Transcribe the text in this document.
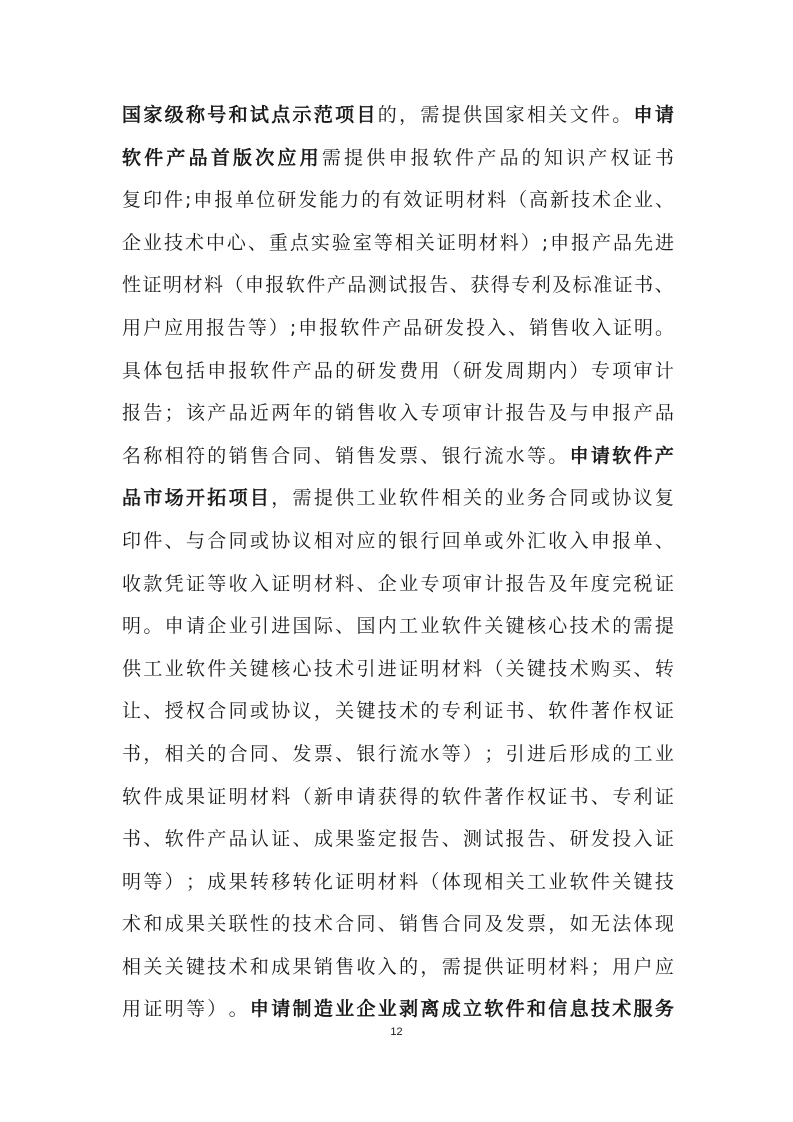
国 家 级 称 号 和 试 点 示 范 项 目 的 ， 需 提 供 国 家 相 关 文 件 。 申 请
软 件 产 品 首 版 次 应 用 需 提 供 申 报 软 件 产 品 的 知 识 产 权 证 书
复 印 件 ; 申 报 单 位 研 发 能 力 的 有 效 证 明 材 料 （ 高 新 技 术 企 业 、
企 业 技 术 中 心 、 重 点 实 验 室 等 相 关 证 明 材 料 ） ; 申 报 产 品 先 进
性 证 明 材 料 （ 申 报 软 件 产 品 测 试 报 告 、 获 得 专 利 及 标 准 证 书 、
用 户 应 用 报 告 等 ） ; 申 报 软 件 产 品 研 发 投 入 、 销 售 收 入 证 明 。
具 体 包 括 申 报 软 件 产 品 的 研 发 费 用 （ 研 发 周 期 内 ） 专 项 审 计
报 告 ； 该 产 品 近 两 年 的 销 售 收 入 专 项 审 计 报 告 及 与 申 报 产 品
名 称 相 符 的 销 售 合 同 、 销 售 发 票 、 银 行 流 水 等 。 申 请 软 件 产
品 市 场 开 拓 项 目 ， 需 提 供 工 业 软 件 相 关 的 业 务 合 同 或 协 议 复
印 件 、 与 合 同 或 协 议 相 对 应 的 银 行 回 单 或 外 汇 收 入 申 报 单 、
收 款 凭 证 等 收 入 证 明 材 料 、 企 业 专 项 审 计 报 告 及 年 度 完 税 证
明 。 申 请 企 业 引 进 国 际 、 国 内 工 业 软 件 关 键 核 心 技 术 的 需 提
供 工 业 软 件 关 键 核 心 技 术 引 进 证 明 材 料 （ 关 键 技 术 购 买 、 转
让 、 授 权 合 同 或 协 议 ， 关 键 技 术 的 专 利 证 书 、 软 件 著 作 权 证
书 ， 相 关 的 合 同 、 发 票 、 银 行 流 水 等 ） ； 引 进 后 形 成 的 工 业
软 件 成 果 证 明 材 料 （ 新 申 请 获 得 的 软 件 著 作 权 证 书 、 专 利 证
书 、 软 件 产 品 认 证 、 成 果 鉴 定 报 告 、 测 试 报 告 、 研 发 投 入 证
明 等 ） ； 成 果 转 移 转 化 证 明 材 料 （ 体 现 相 关 工 业 软 件 关 键 技
术 和 成 果 关 联 性 的 技 术 合 同 、 销 售 合 同 及 发 票 ， 如 无 法 体 现
相 关 关 键 技 术 和 成 果 销 售 收 入 的 ， 需 提 供 证 明 材 料 ； 用 户 应
用 证 明 等 ） 。 申 请 制 造 业 企 业 剥 离 成 立 软 件 和 信 息 技 术 服 务
12
